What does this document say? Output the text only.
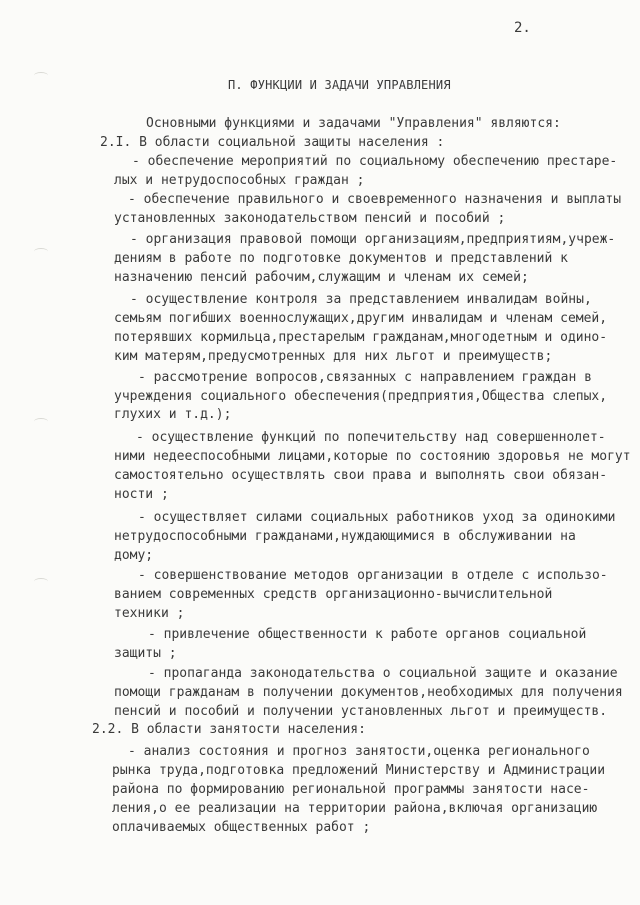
2.
П. ФУНКЦИИ И ЗАДАЧИ УПРАВЛЕНИЯ

Основными функциями и задачами "Управления" являются:

2.I. В области социальной защиты населения :

- обеспечение мероприятий по социальному обеспечению престаре-

лых и нетрудоспособных граждан ;

- обеспечение правильного и своевременного назначения и выплаты

установленных законодательством пенсий и пособий ;

- организация правовой помощи организациям,предприятиям,учреж-

дениям в работе по подготовке документов и представлений к

назначению пенсий рабочим,служащим и членам их семей;

- осуществление контроля за представлением инвалидам войны,

семьям погибших военнослужащих,другим инвалидам и членам семей,

потерявших кормильца,престарелым гражданам,многодетным и одино-

ким матерям,предусмотренных для них льгот и преимуществ;

- рассмотрение вопросов,связанных с направлением граждан в

учреждения социального обеспечения(предприятия,Общества слепых,

глухих и т.д.);

- осуществление функций по попечительству над совершеннолет-

ними недееспособными лицами,которые по состоянию здоровья не могут

самостоятельно осуществлять свои права и выполнять свои обязан-

ности ;

- осуществляет силами социальных работников уход за одинокими

нетрудоспособными гражданами,нуждающимися в обслуживании на

дому;

- совершенствование методов организации в отделе с использо-

ванием современных средств организационно-вычислительной

техники ;

- привлечение общественности к работе органов социальной

защиты ;

- пропаганда законодательства о социальной защите и оказание

помощи гражданам в получении документов,необходимых для получения

пенсий и пособий и получении установленных льгот и преимуществ.

2.2. В области занятости населения:

- анализ состояния и прогноз занятости,оценка регионального

рынка труда,подготовка предложений Министерству и Администрации

района по формированию региональной программы занятости насе-

ления,о ее реализации на территории района,включая организацию

оплачиваемых общественных работ ;
